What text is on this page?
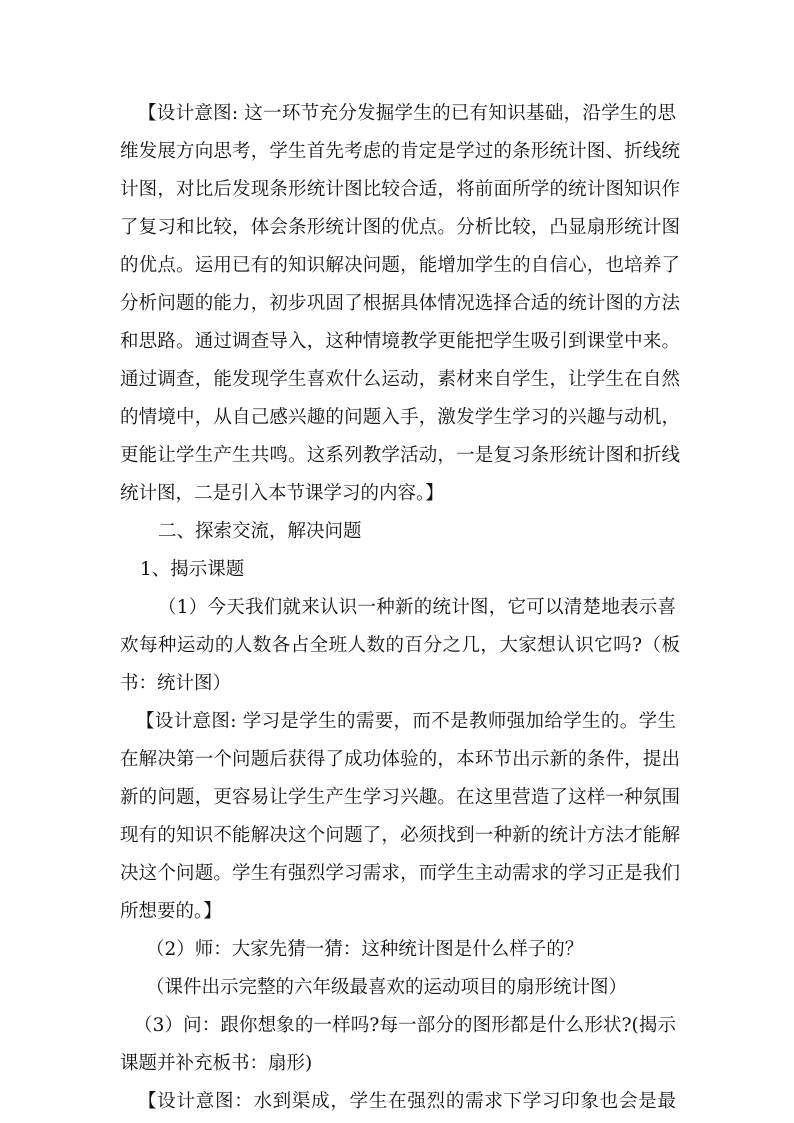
【设计意图: 这一环节充分发掘学生的已有知识基础，沿学生的思
维发展方向思考，学生首先考虑的肯定是学过的条形统计图、折线统
计图，对比后发现条形统计图比较合适，将前面所学的统计图知识作
了复习和比较，体会条形统计图的优点。分析比较，凸显扇形统计图
的优点。运用已有的知识解决问题，能增加学生的自信心，也培养了
分析问题的能力，初步巩固了根据具体情况选择合适的统计图的方法
和思路。通过调查导入，这种情境教学更能把学生吸引到课堂中来。
通过调查，能发现学生喜欢什么运动，素材来自学生，让学生在自然
的情境中，从自己感兴趣的问题入手，激发学生学习的兴趣与动机，
更能让学生产生共鸣。这系列教学活动，一是复习条形统计图和折线
统计图，二是引入本节课学习的内容。】
二、探索交流，解决问题
1、揭示课题
（1）今天我们就来认识一种新的统计图，它可以清楚地表示喜
欢每种运动的人数各占全班人数的百分之几，大家想认识它吗?（板
书：统计图）
【设计意图: 学习是学生的需要，而不是教师强加给学生的。学生
在解决第一个问题后获得了成功体验的，本环节出示新的条件，提出
新的问题，更容易让学生产生学习兴趣。在这里营造了这样一种氛围
现有的知识不能解决这个问题了，必须找到一种新的统计方法才能解
决这个问题。学生有强烈学习需求，而学生主动需求的学习正是我们
所想要的。】
（2）师：大家先猜一猜：这种统计图是什么样子的？
（课件出示完整的六年级最喜欢的运动项目的扇形统计图）
（3）问：跟你想象的一样吗?每一部分的图形都是什么形状?(揭示
课题并补充板书：扇形)
【设计意图：水到渠成，学生在强烈的需求下学习印象也会是最
